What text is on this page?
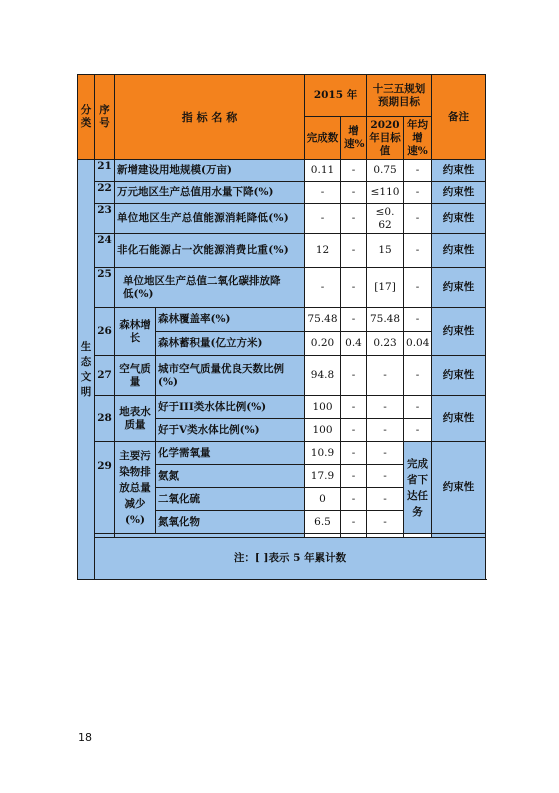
分类	序号	指 标 名 称		2015 年		十三五规划预期目标		备注
				完成数	增速%	2020 年目标值	年均增速%	
生态文明	21	新增建设用地规模(万亩)		0.11	-	0.75	-	约束性
	22	万元地区生产总值用水量下降(%)		-	-	≤110	-	约束性
	23	单位地区生产总值能源消耗降低(%)		-	-	≤0. 62	-	约束性
	24	非化石能源占一次能源消费比重(%)		12	-	15	-	约束性
	25	单位地区生产总值二氧化碳排放降低(%)		-	-	[17]	-	约束性
	26	森林增长	森林覆盖率(%)	75.48	-	75.48	-	约束性
			森林蓄积量(亿立方米)	0.20	0.4	0.23	0.04	
	27	空气质量	城市空气质量优良天数比例(%)	94.8	-	-	-	约束性
	28	地表水质量	好于III类水体比例(%)	100	-	-	-	约束性
			好于Ⅴ类水体比例(%)	100	-	-	-	
	29	主要污染物排放总量减少(%)	化学需氧量	10.9	-	-	完成省下达任务	约束性
			氨氮	17.9	-	-		
			二氧化硫	0	-	-		
			氮氧化物	6.5	-	-		

	注：[ ]表示 5 年累计数							
18
